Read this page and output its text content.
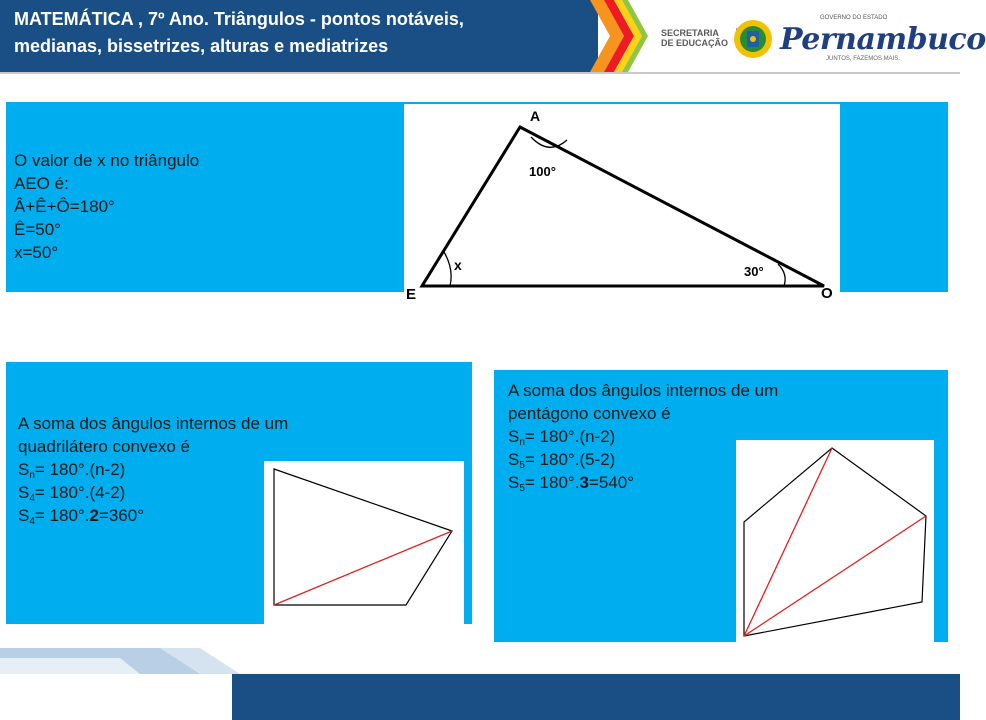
MATEMÁTICA , 7º Ano. Triângulos - pontos notáveis,
medianas, bissetrizes, alturas e mediatrizes
SECRETARIA
DE EDUCAÇÃO
GOVERNO DO ESTADO
Pernambuco
JUNTOS, FAZEMOS MAIS.
O valor de x no triângulo
AEO é:
Â+Ê+Ô=180°
Ê=50°
x=50°
A
E	O
x
100°
30°
A soma dos ângulos internos de um
quadrilátero convexo é
$S_n= 180^\circ.(n-2)$
$S_4= 180^\circ.(4-2)$
$S_4= 180^\circ.2=360^\circ$
A soma dos ângulos internos de um
pentágono convexo é
$S_n= 180^\circ.(n-2)$
$S_5= 180^\circ.(5-2)$
$S_5= 180^\circ.3=540^\circ$
